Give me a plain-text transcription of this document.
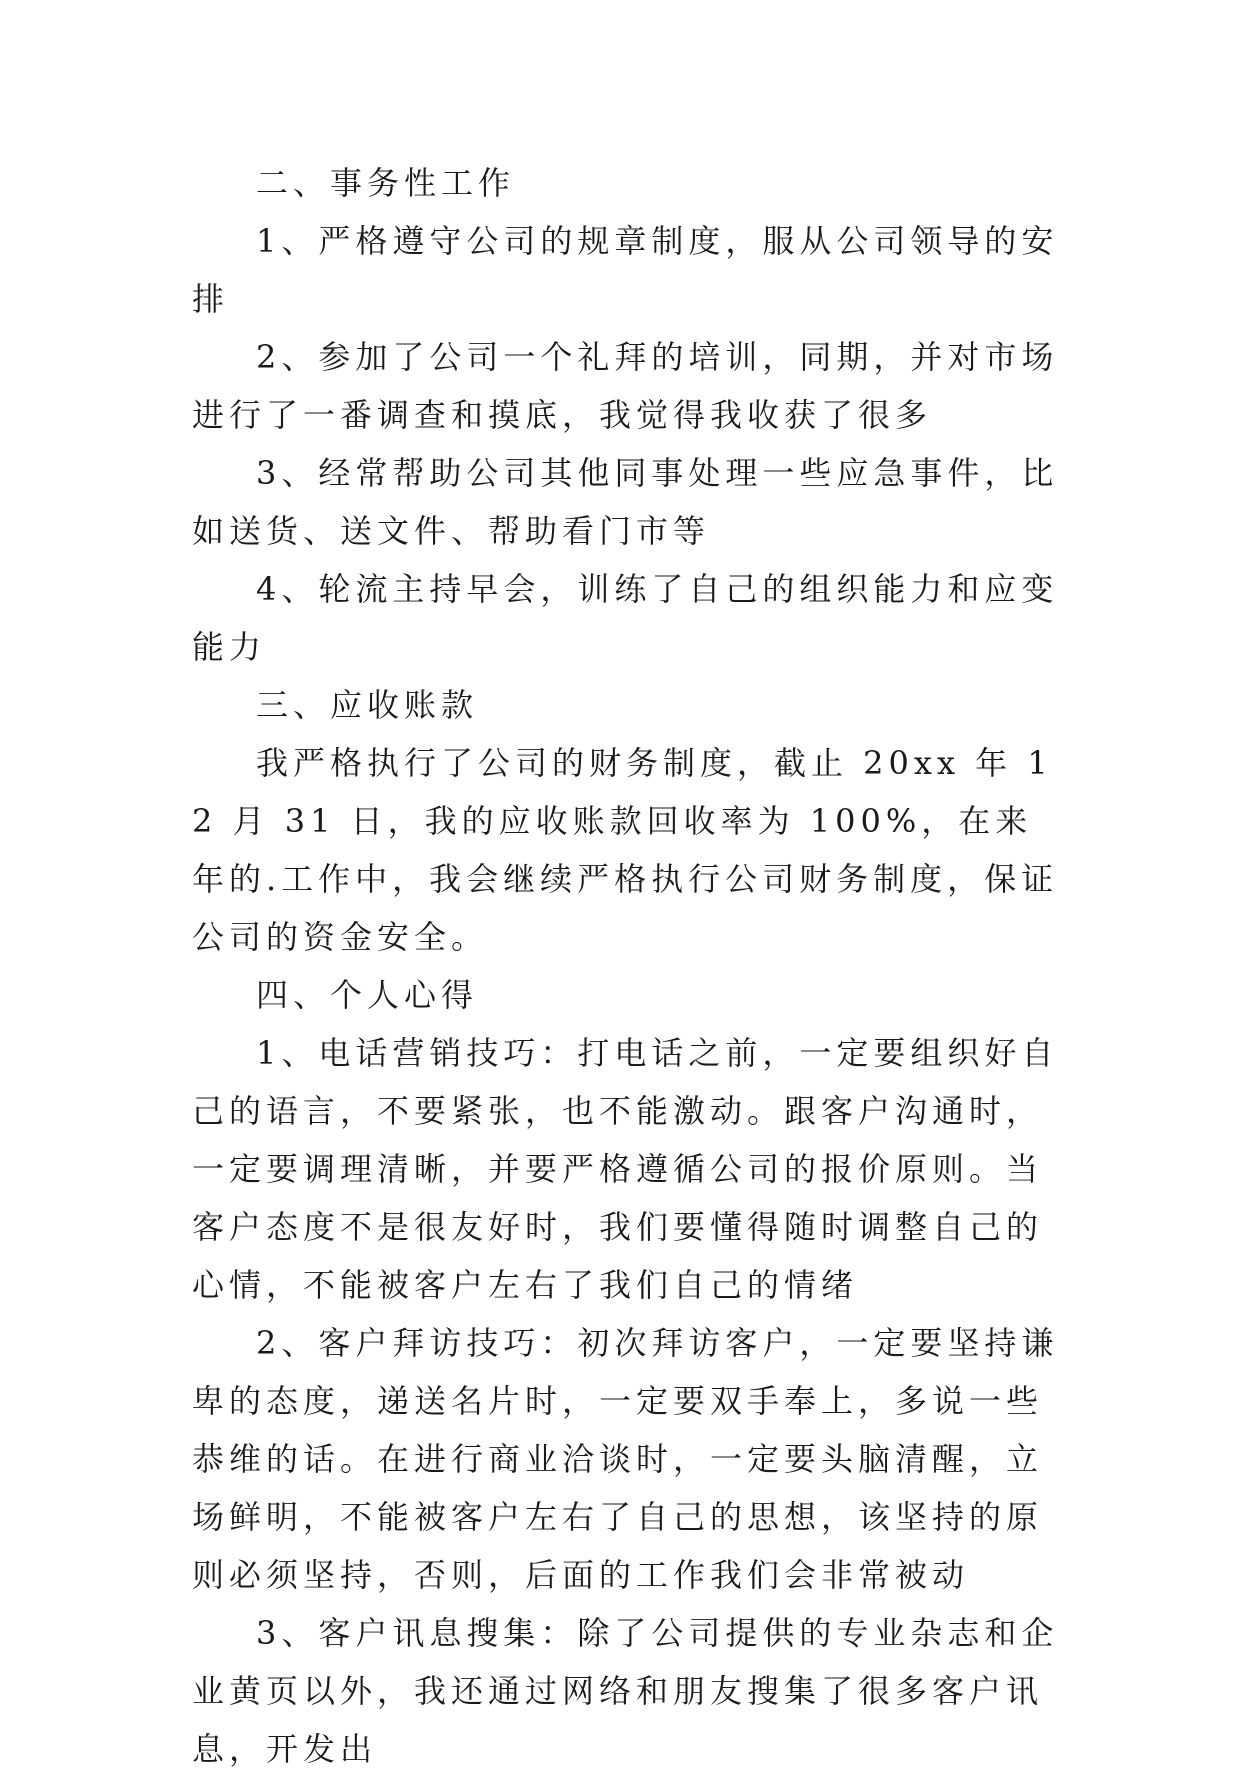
二、事务性工作

1、严格遵守公司的规章制度，服从公司领导的安排

2、参加了公司一个礼拜的培训，同期，并对市场进行了一番调查和摸底，我觉得我收获了很多

3、经常帮助公司其他同事处理一些应急事件，比如送货、送文件、帮助看门市等

4、轮流主持早会，训练了自己的组织能力和应变能力

三、应收账款

我严格执行了公司的财务制度，截止 20xx 年 12 月 31 日，我的应收账款回收率为 100%，在来年的.工作中，我会继续严格执行公司财务制度，保证公司的资金安全。

四、个人心得

1、电话营销技巧：打电话之前，一定要组织好自己的语言，不要紧张，也不能激动。跟客户沟通时，一定要调理清晰，并要严格遵循公司的报价原则。当客户态度不是很友好时，我们要懂得随时调整自己的心情，不能被客户左右了我们自己的情绪

2、客户拜访技巧：初次拜访客户，一定要坚持谦卑的态度，递送名片时，一定要双手奉上，多说一些恭维的话。在进行商业洽谈时，一定要头脑清醒，立场鲜明，不能被客户左右了自己的思想，该坚持的原则必须坚持，否则，后面的工作我们会非常被动

3、客户讯息搜集：除了公司提供的专业杂志和企业黄页以外，我还通过网络和朋友搜集了很多客户讯息，开发出
